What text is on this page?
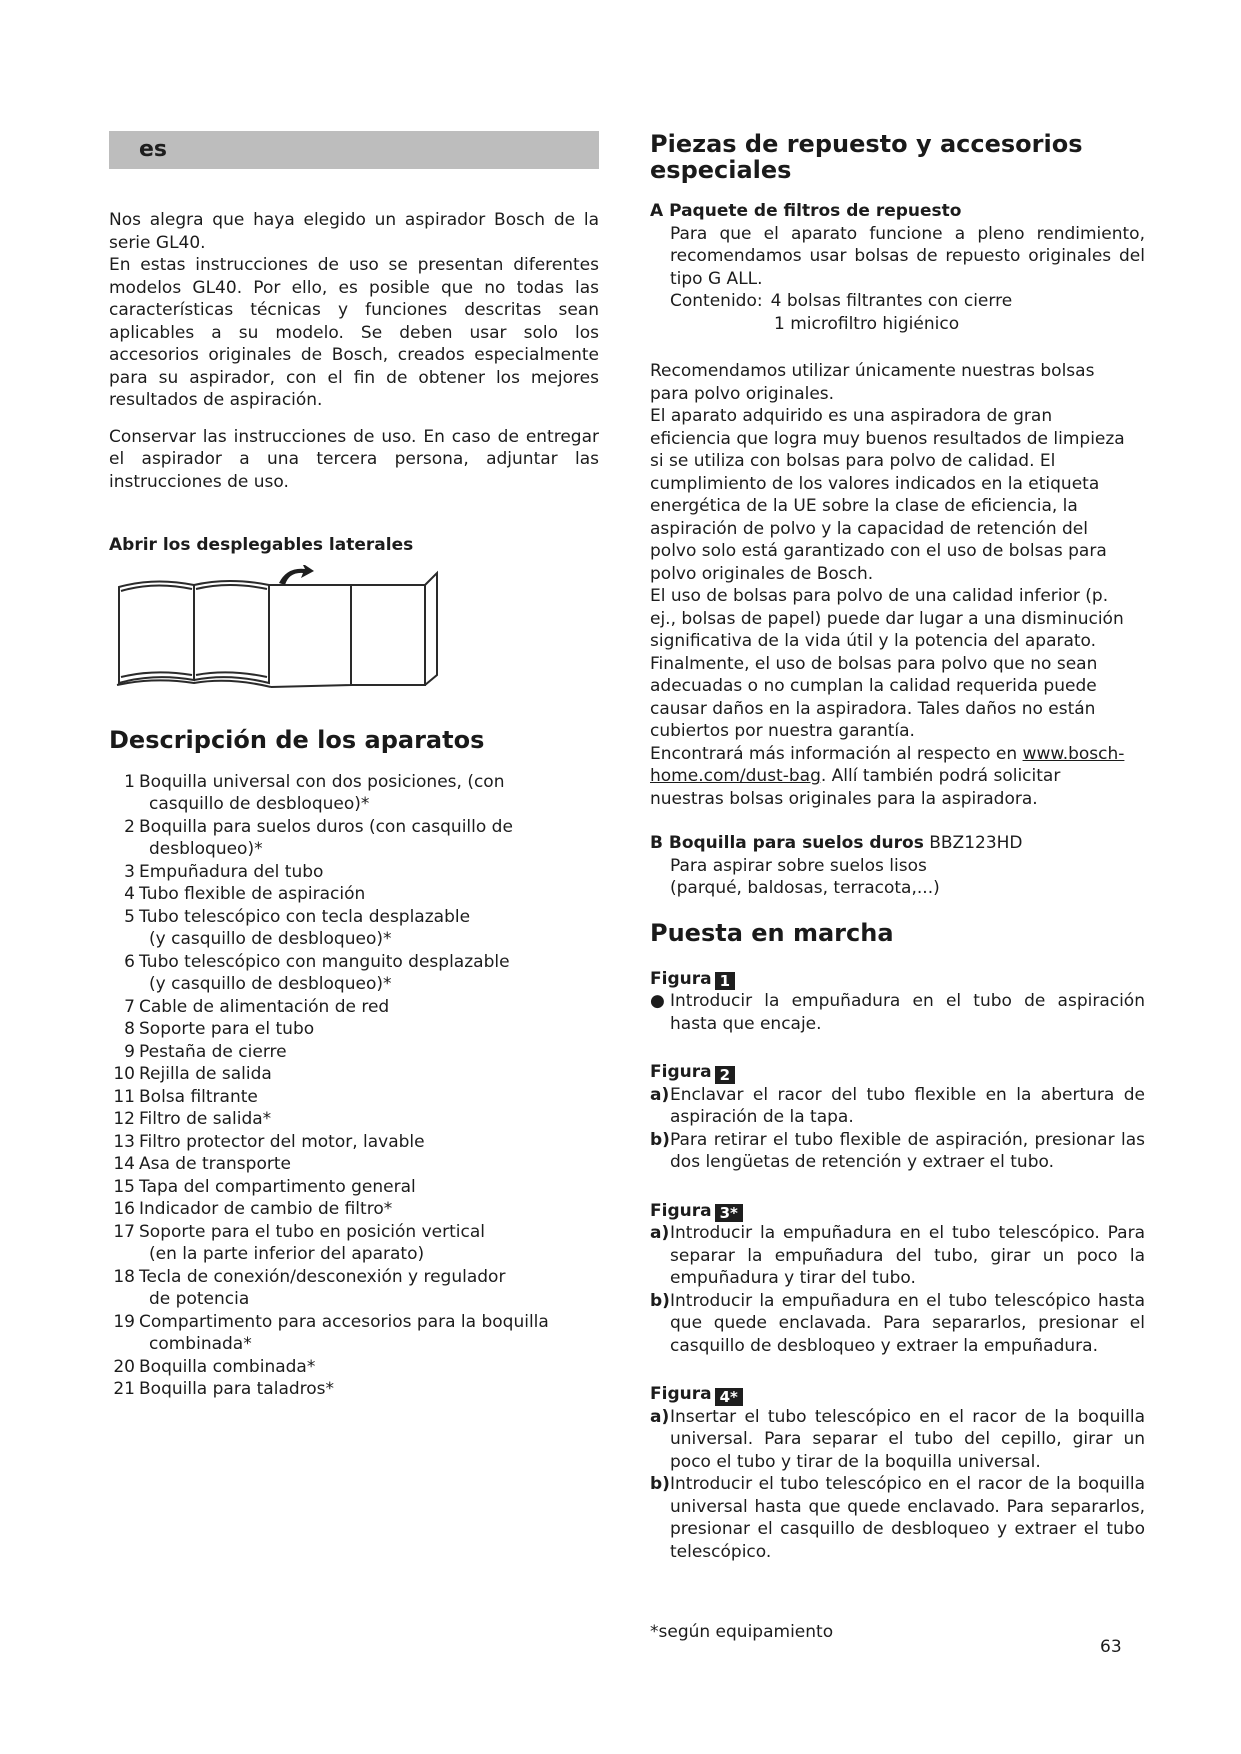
es

Nos alegra que haya elegido un aspirador Bosch de la serie GL40.

En estas instrucciones de uso se presentan diferentes modelos GL40. Por ello, es posible que no todas las características técnicas y funciones descritas sean aplicables a su modelo. Se deben usar solo los accesorios originales de Bosch, creados especialmente para su aspirador, con el fin de obtener los mejores resultados de aspiración.

Conservar las instrucciones de uso. En caso de entregar el aspirador a una tercera persona, adjuntar las instrucciones de uso.

Abrir los desplegables laterales

Descripción de los aparatos
1 Boquilla universal con dos posiciones, (con
casquillo de desbloqueo)*
2 Boquilla para suelos duros (con casquillo de
desbloqueo)*
3 Empuñadura del tubo
4 Tubo flexible de aspiración
5 Tubo telescópico con tecla desplazable
(y casquillo de desbloqueo)*
6 Tubo telescópico con manguito desplazable
(y casquillo de desbloqueo)*
7 Cable de alimentación de red
8 Soporte para el tubo
9 Pestaña de cierre
10 Rejilla de salida
11 Bolsa filtrante
12 Filtro de salida*
13 Filtro protector del motor, lavable
14 Asa de transporte
15 Tapa del compartimento general
16 Indicador de cambio de filtro*
17 Soporte para el tubo en posición vertical
(en la parte inferior del aparato)
18 Tecla de conexión/desconexión y regulador
de potencia
19 Compartimento para accesorios para la boquilla
combinada*
20 Boquilla combinada*
21 Boquilla para taladros*
Piezas de repuesto y accesorios especiales

A Paquete de filtros de repuesto

Para que el aparato funcione a pleno rendimiento, recomendamos usar bolsas de repuesto originales del tipo G ALL.

Contenido: 4 bolsas filtrantes con cierre

1 microfiltro higiénico

Recomendamos utilizar únicamente nuestras bolsas

para polvo originales.

El aparato adquirido es una aspiradora de gran

eficiencia que logra muy buenos resultados de limpieza

si se utiliza con bolsas para polvo de calidad. El

cumplimiento de los valores indicados en la etiqueta

energética de la UE sobre la clase de eficiencia, la

aspiración de polvo y la capacidad de retención del

polvo solo está garantizado con el uso de bolsas para

polvo originales de Bosch.

El uso de bolsas para polvo de una calidad inferior (p.

ej., bolsas de papel) puede dar lugar a una disminución

significativa de la vida útil y la potencia del aparato.

Finalmente, el uso de bolsas para polvo que no sean

adecuadas o no cumplan la calidad requerida puede

causar daños en la aspiradora. Tales daños no están

cubiertos por nuestra garantía.

Encontrará más información al respecto en www.bosch-

home.com/dust-bag. Allí también podrá solicitar

nuestras bolsas originales para la aspiradora.

B Boquilla para suelos duros BBZ123HD

Para aspirar sobre suelos lisos

(parqué, baldosas, terracota,...)

Puesta en marcha
Figura 1
● Introducir la empuñadura en el tubo de aspiración hasta que encaje.
Figura 2
a) Enclavar el racor del tubo flexible en la abertura de aspiración de la tapa.
b) Para retirar el tubo flexible de aspiración, presionar las dos lengüetas de retención y extraer el tubo.
Figura 3*
a) Introducir la empuñadura en el tubo telescópico. Para separar la empuñadura del tubo, girar un poco la empuñadura y tirar del tubo.
b) Introducir la empuñadura en el tubo telescópico hasta que quede enclavada. Para separarlos, presionar el casquillo de desbloqueo y extraer la empuñadura.
Figura 4*
a) Insertar el tubo telescópico en el racor de la boquilla universal. Para separar el tubo del cepillo, girar un poco el tubo y tirar de la boquilla universal.
b) Introducir el tubo telescópico en el racor de la boquilla universal hasta que quede enclavado. Para separarlos, presionar el casquillo de desbloqueo y extraer el tubo telescópico.

*según equipamiento

63
